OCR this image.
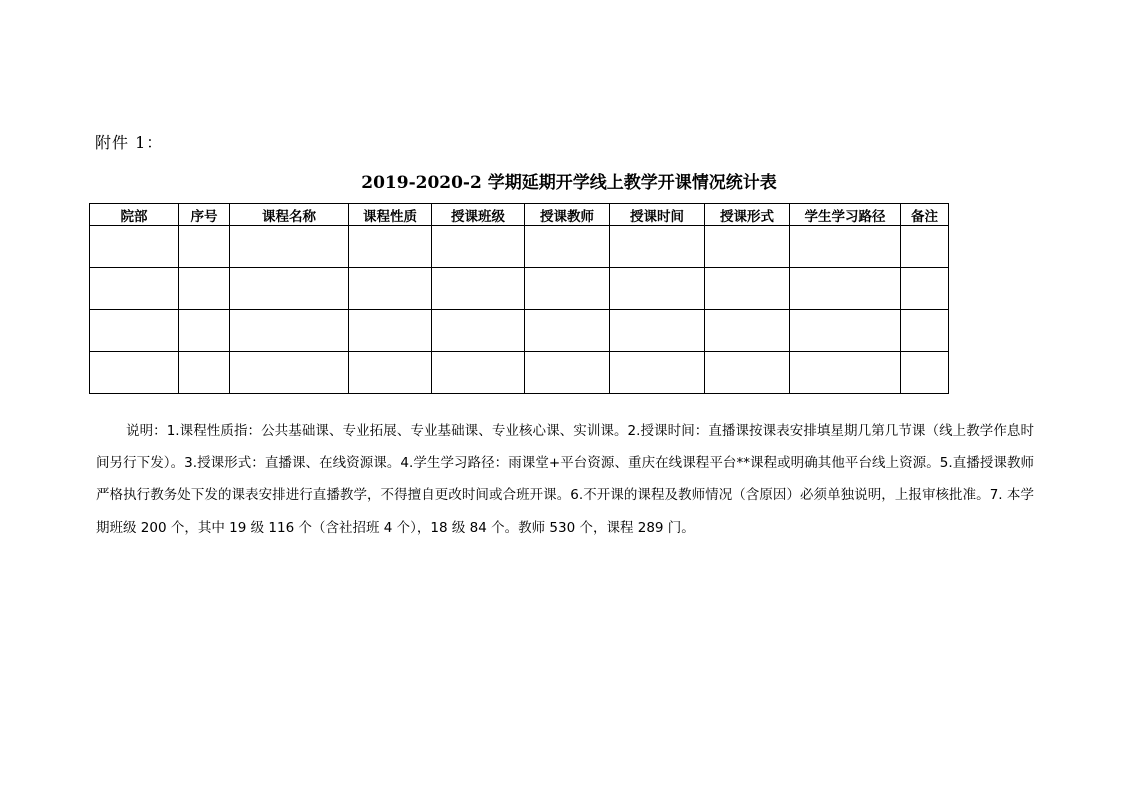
附件 1：
2019-2020-2 学期延期开学线上教学开课情况统计表
院部	序号	课程名称	课程性质	授课班级	授课教师	授课时间	授课形式	学生学习路径	备注

说明：1.课程性质指：公共基础课、专业拓展、专业基础课、专业核心课、实训课。2.授课时间：直播课按课表安排填星期几第几节课（线上教学作息时间另行下发）。3.授课形式：直播课、在线资源课。4.学生学习路径：雨课堂+平台资源、重庆在线课程平台**课程或明确其他平台线上资源。5.直播授课教师严格执行教务处下发的课表安排进行直播教学，不得擅自更改时间或合班开课。6.不开课的课程及教师情况（含原因）必须单独说明，上报审核批准。7. 本学期班级 200 个，其中 19 级 116 个（含社招班 4 个），18 级 84 个。教师 530 个，课程 289 门。
